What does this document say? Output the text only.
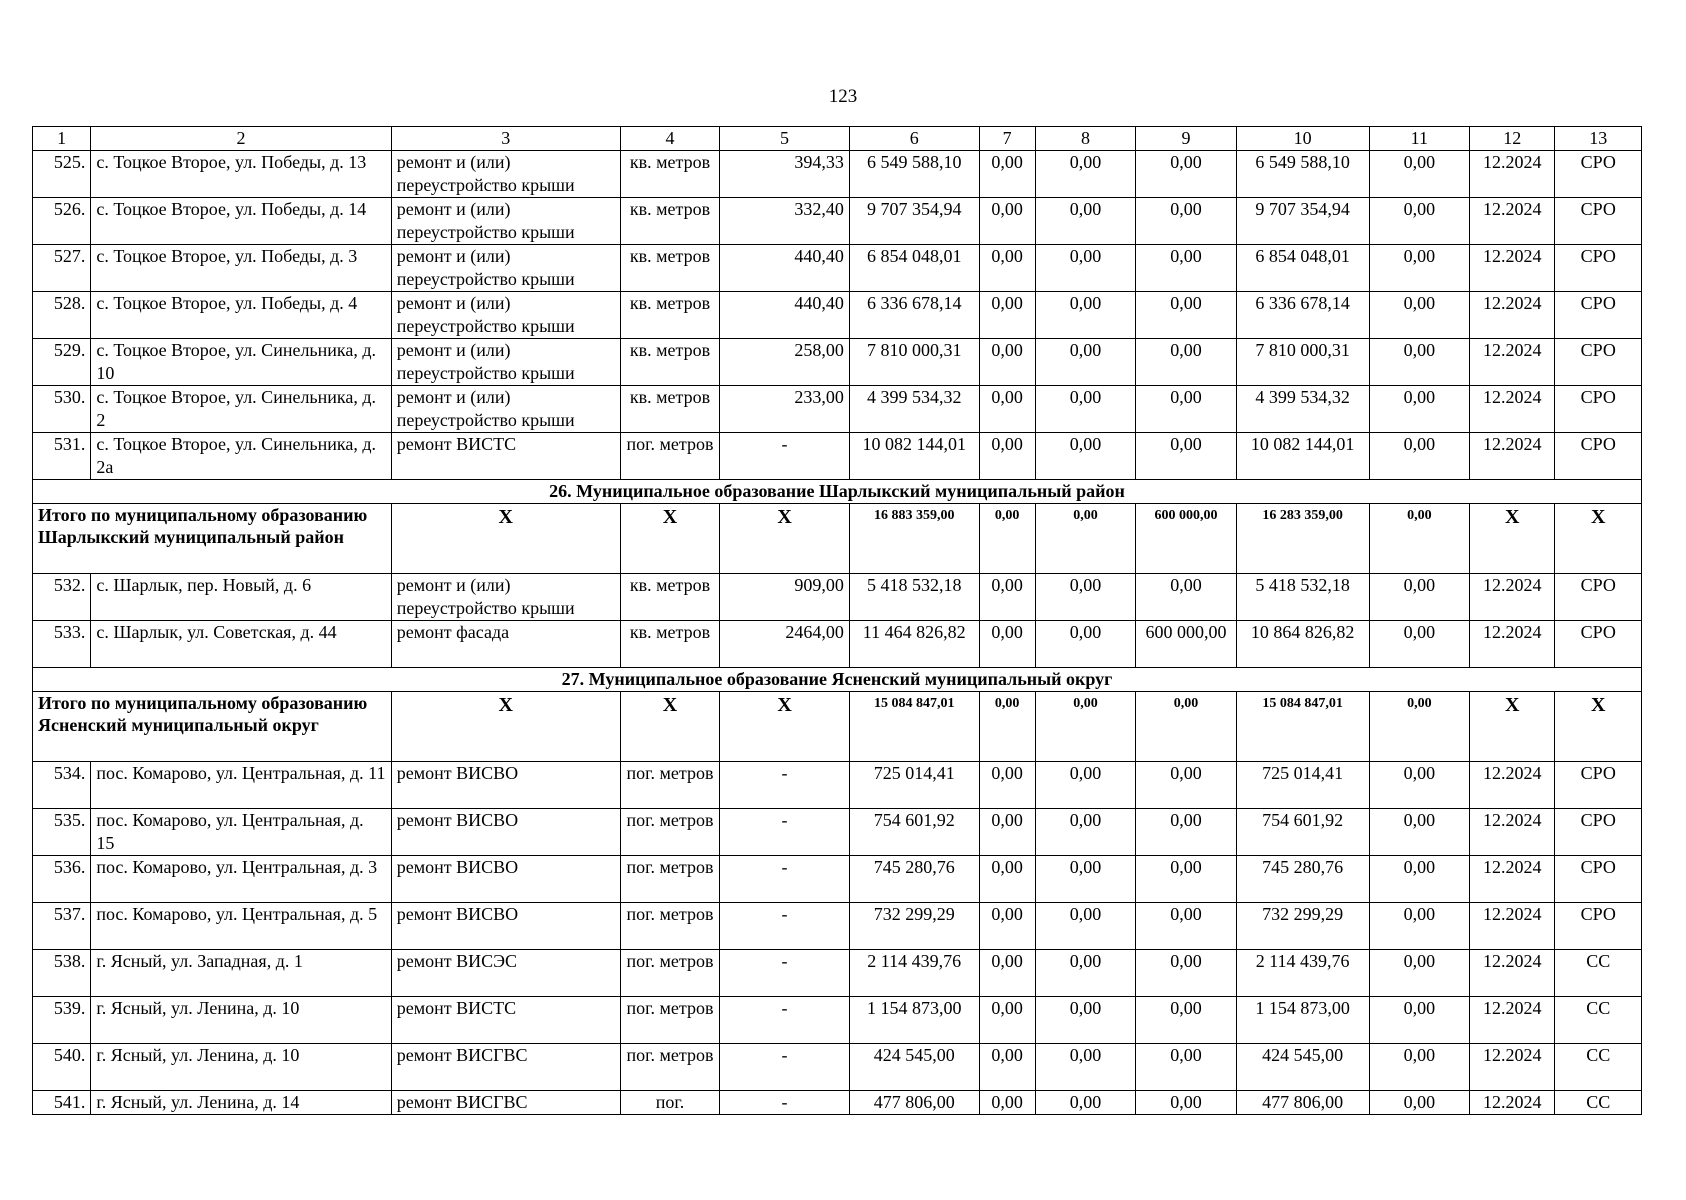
123
1	2	3	4	5	6	7	8	9	10	11	12	13
525.	с. Тоцкое Второе, ул. Победы, д. 13	ремонт и (или) переустройство крыши	кв. метров	394,33	6 549 588,10	0,00	0,00	0,00	6 549 588,10	0,00	12.2024	СРО
526.	с. Тоцкое Второе, ул. Победы, д. 14	ремонт и (или) переустройство крыши	кв. метров	332,40	9 707 354,94	0,00	0,00	0,00	9 707 354,94	0,00	12.2024	СРО
527.	с. Тоцкое Второе, ул. Победы, д. 3	ремонт и (или) переустройство крыши	кв. метров	440,40	6 854 048,01	0,00	0,00	0,00	6 854 048,01	0,00	12.2024	СРО
528.	с. Тоцкое Второе, ул. Победы, д. 4	ремонт и (или) переустройство крыши	кв. метров	440,40	6 336 678,14	0,00	0,00	0,00	6 336 678,14	0,00	12.2024	СРО
529.	с. Тоцкое Второе, ул. Синельника, д. 10	ремонт и (или) переустройство крыши	кв. метров	258,00	7 810 000,31	0,00	0,00	0,00	7 810 000,31	0,00	12.2024	СРО
530.	с. Тоцкое Второе, ул. Синельника, д. 2	ремонт и (или) переустройство крыши	кв. метров	233,00	4 399 534,32	0,00	0,00	0,00	4 399 534,32	0,00	12.2024	СРО
531.	с. Тоцкое Второе, ул. Синельника, д. 2а	ремонт ВИСТС	пог. метров	-	10 082 144,01	0,00	0,00	0,00	10 082 144,01	0,00	12.2024	СРО
26. Муниципальное образование Шарлыкский муниципальный район												
Итого по муниципальному образованию Шарлыкский муниципальный район		Х	Х	Х	16 883 359,00	0,00	0,00	600 000,00	16 283 359,00	0,00	Х	Х
532.	с. Шарлык, пер. Новый, д. 6	ремонт и (или) переустройство крыши	кв. метров	909,00	5 418 532,18	0,00	0,00	0,00	5 418 532,18	0,00	12.2024	СРО
533.	с. Шарлык, ул. Советская, д. 44	ремонт фасада	кв. метров	2464,00	11 464 826,82	0,00	0,00	600 000,00	10 864 826,82	0,00	12.2024	СРО
27. Муниципальное образование Ясненский муниципальный округ												
Итого по муниципальному образованию Ясненский муниципальный округ		Х	Х	Х	15 084 847,01	0,00	0,00	0,00	15 084 847,01	0,00	Х	Х
534.	пос. Комарово, ул. Центральная, д. 11	ремонт ВИСВО	пог. метров	-	725 014,41	0,00	0,00	0,00	725 014,41	0,00	12.2024	СРО
535.	пос. Комарово, ул. Центральная, д. 15	ремонт ВИСВО	пог. метров	-	754 601,92	0,00	0,00	0,00	754 601,92	0,00	12.2024	СРО
536.	пос. Комарово, ул. Центральная, д. 3	ремонт ВИСВО	пог. метров	-	745 280,76	0,00	0,00	0,00	745 280,76	0,00	12.2024	СРО
537.	пос. Комарово, ул. Центральная, д. 5	ремонт ВИСВО	пог. метров	-	732 299,29	0,00	0,00	0,00	732 299,29	0,00	12.2024	СРО
538.	г. Ясный, ул. Западная, д. 1	ремонт ВИСЭС	пог. метров	-	2 114 439,76	0,00	0,00	0,00	2 114 439,76	0,00	12.2024	СС
539.	г. Ясный, ул. Ленина, д. 10	ремонт ВИСТС	пог. метров	-	1 154 873,00	0,00	0,00	0,00	1 154 873,00	0,00	12.2024	СС
540.	г. Ясный, ул. Ленина, д. 10	ремонт ВИСГВС	пог. метров	-	424 545,00	0,00	0,00	0,00	424 545,00	0,00	12.2024	СС
541.	г. Ясный, ул. Ленина, д. 14	ремонт ВИСГВС	пог.	-	477 806,00	0,00	0,00	0,00	477 806,00	0,00	12.2024	СС
